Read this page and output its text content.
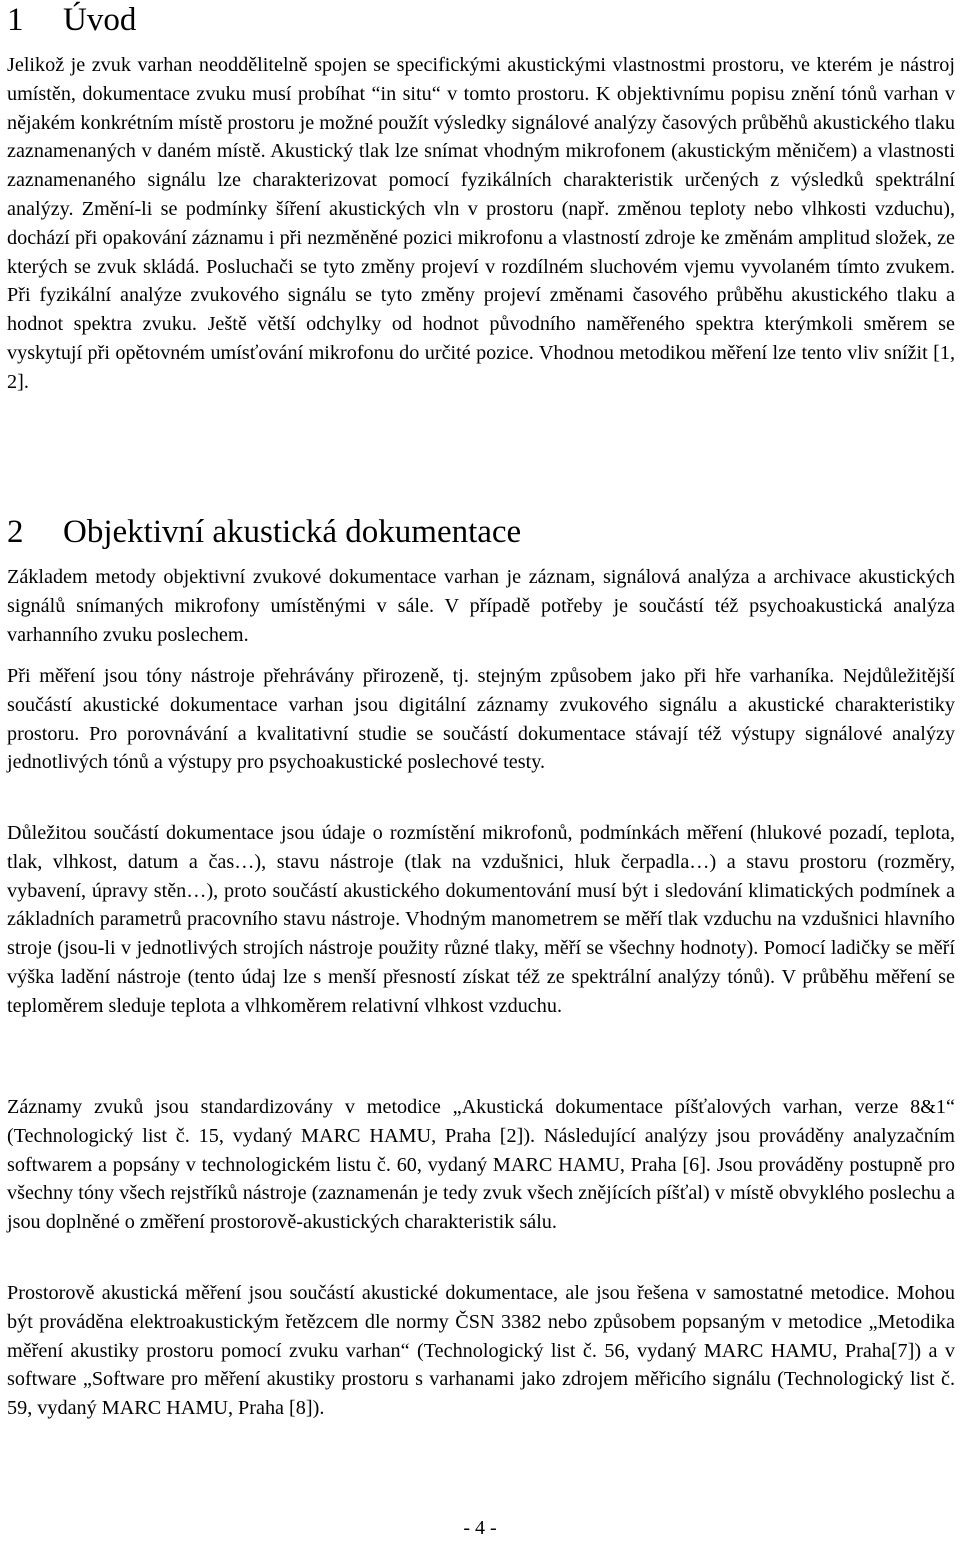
1	Úvod

Jelikož je zvuk varhan neoddělitelně spojen se specifickými akustickými vlastnostmi prostoru, ve kterém je nástroj umístěn, dokumentace zvuku musí probíhat “in situ“ v tomto prostoru. K objektivnímu popisu znění tónů varhan v nějakém konkrétním místě prostoru je možné použít výsledky signálové analýzy časových průběhů akustického tlaku zaznamenaných v daném místě. Akustický tlak lze snímat vhodným mikrofonem (akustickým měničem) a vlastnosti zaznamenaného signálu lze charakterizovat pomocí fyzikálních charakteristik určených z výsledků spektrální analýzy. Změní-li se podmínky šíření akustických vln v prostoru (např. změnou teploty nebo vlhkosti vzduchu), dochází při opakování záznamu i při nezměněné pozici mikrofonu a vlastností zdroje ke změnám amplitud složek, ze kterých se zvuk skládá. Posluchači se tyto změny projeví v rozdílném sluchovém vjemu vyvolaném tímto zvukem. Při fyzikální analýze zvukového signálu se tyto změny projeví změnami časového průběhu akustického tlaku a hodnot spektra zvuku. Ještě větší odchylky od hodnot původního naměřeného spektra kterýmkoli směrem se vyskytují při opětovném umísťování mikrofonu do určité pozice. Vhodnou metodikou měření lze tento vliv snížit [1, 2].

2	Objektivní akustická dokumentace

Základem metody objektivní zvukové dokumentace varhan je záznam, signálová analýza a archivace akustických signálů snímaných mikrofony umístěnými v sále. V případě potřeby je součástí též psychoakustická analýza varhanního zvuku poslechem.

Při měření jsou tóny nástroje přehrávány přirozeně, tj. stejným způsobem jako při hře varhaníka. Nejdůležitější součástí akustické dokumentace varhan jsou digitální záznamy zvukového signálu a akustické charakteristiky prostoru. Pro porovnávání a kvalitativní studie se součástí dokumentace stávají též výstupy signálové analýzy jednotlivých tónů a výstupy pro psychoakustické poslechové testy.

Důležitou součástí dokumentace jsou údaje o rozmístění mikrofonů, podmínkách měření (hlukové pozadí, teplota, tlak, vlhkost, datum a čas…), stavu nástroje (tlak na vzdušnici, hluk čerpadla…) a stavu prostoru (rozměry, vybavení, úpravy stěn…), proto součástí akustického dokumentování musí být i sledování klimatických podmínek a základních parametrů pracovního stavu nástroje. Vhodným manometrem se měří tlak vzduchu na vzdušnici hlavního stroje (jsou-li v jednotlivých strojích nástroje použity různé tlaky, měří se všechny hodnoty). Pomocí ladičky se měří výška ladění nástroje (tento údaj lze s menší přesností získat též ze spektrální analýzy tónů). V průběhu měření se teploměrem sleduje teplota a vlhkoměrem relativní vlhkost vzduchu.

Záznamy zvuků jsou standardizovány v metodice „Akustická dokumentace píšťalových varhan, verze 8&1“ (Technologický list č. 15, vydaný MARC HAMU, Praha [2]). Následující analýzy jsou prováděny analyzačním softwarem a popsány v technologickém listu č. 60, vydaný MARC HAMU, Praha [6]. Jsou prováděny postupně pro všechny tóny všech rejstříků nástroje (zaznamenán je tedy zvuk všech znějících píšťal) v místě obvyklého poslechu a jsou doplněné o změření prostorově-akustických charakteristik sálu.

Prostorově akustická měření jsou součástí akustické dokumentace, ale jsou řešena v samostatné metodice. Mohou být prováděna elektroakustickým řetězcem dle normy ČSN 3382 nebo způsobem popsaným v metodice „Metodika měření akustiky prostoru pomocí zvuku varhan“ (Technologický list č. 56, vydaný MARC HAMU, Praha[7]) a v software „Software pro měření akustiky prostoru s varhanami jako zdrojem měřicího signálu (Technologický list č. 59, vydaný MARC HAMU, Praha [8]).

- 4 -
